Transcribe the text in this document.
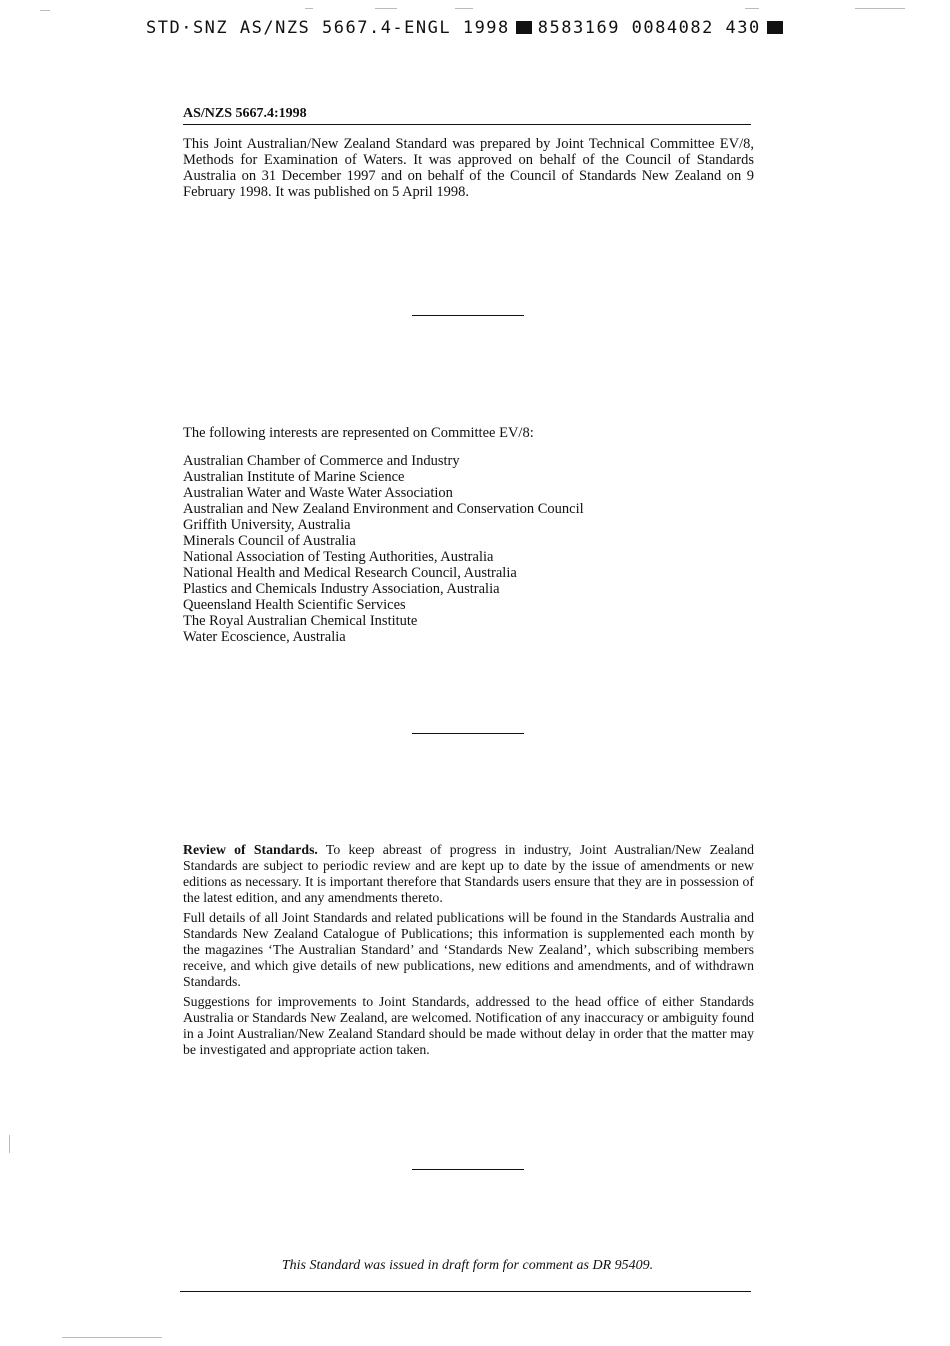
STD·SNZ AS/NZS 5667.4-ENGL 1998 8583169 0084082 430
AS/NZS 5667.4:1998

This Joint Australian/New Zealand Standard was prepared by Joint Technical Committee EV/8, Methods for Examination of Waters. It was approved on behalf of the Council of Standards Australia on 31 December 1997 and on behalf of the Council of Standards New Zealand on 9 February 1998. It was published on 5 April 1998.

The following interests are represented on Committee EV/8:

Australian Chamber of Commerce and Industry
Australian Institute of Marine Science
Australian Water and Waste Water Association
Australian and New Zealand Environment and Conservation Council
Griffith University, Australia
Minerals Council of Australia
National Association of Testing Authorities, Australia
National Health and Medical Research Council, Australia
Plastics and Chemicals Industry Association, Australia
Queensland Health Scientific Services
The Royal Australian Chemical Institute
Water Ecoscience, Australia

Review of Standards. To keep abreast of progress in industry, Joint Australian/New Zealand Standards are subject to periodic review and are kept up to date by the issue of amendments or new editions as necessary. It is important therefore that Standards users ensure that they are in possession of the latest edition, and any amendments thereto.

Full details of all Joint Standards and related publications will be found in the Standards Australia and Standards New Zealand Catalogue of Publications; this information is supplemented each month by the magazines ‘The Australian Standard’ and ‘Standards New Zealand’, which subscribing members receive, and which give details of new publications, new editions and amendments, and of withdrawn Standards.

Suggestions for improvements to Joint Standards, addressed to the head office of either Standards Australia or Standards New Zealand, are welcomed. Notification of any inaccuracy or ambiguity found in a Joint Australian/New Zealand Standard should be made without delay in order that the matter may be investigated and appropriate action taken.

This Standard was issued in draft form for comment as DR 95409.
